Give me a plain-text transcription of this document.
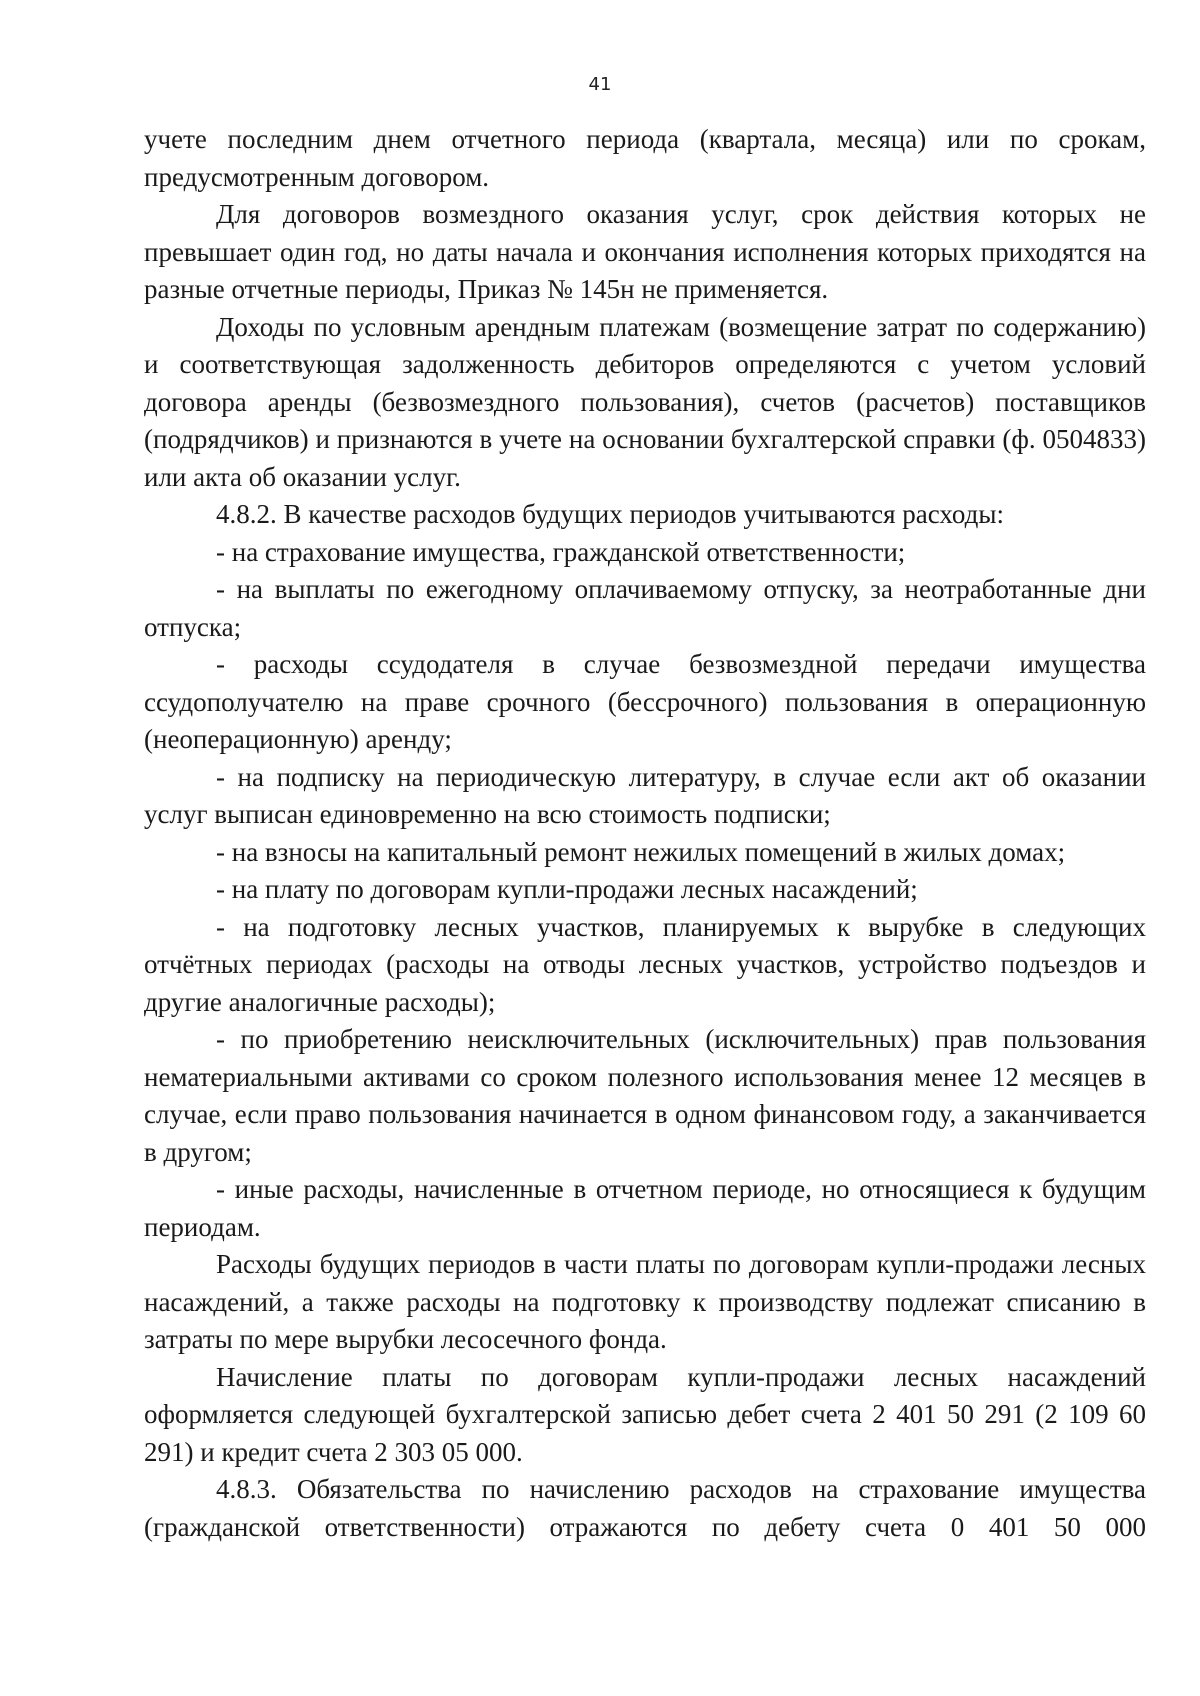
41

учете последним днем отчетного периода (квартала, месяца) или по срокам, предусмотренным договором.

Для договоров возмездного оказания услуг, срок действия которых не превышает один год, но даты начала и окончания исполнения которых приходятся на разные отчетные периоды, Приказ № 145н не применяется.

Доходы по условным арендным платежам (возмещение затрат по содержанию) и соответствующая задолженность дебиторов определяются с учетом условий договора аренды (безвозмездного пользования), счетов (расчетов) поставщиков (подрядчиков) и признаются в учете на основании бухгалтерской справки (ф. 0504833) или акта об оказании услуг.

4.8.2. В качестве расходов будущих периодов учитываются расходы:

- на страхование имущества, гражданской ответственности;

- на выплаты по ежегодному оплачиваемому отпуску, за неотработанные дни отпуска;

- расходы ссудодателя в случае безвозмездной передачи имущества ссудополучателю на праве срочного (бессрочного) пользования в операционную (неоперационную) аренду;

- на подписку на периодическую литературу, в случае если акт об оказании услуг выписан единовременно на всю стоимость подписки;

- на взносы на капитальный ремонт нежилых помещений в жилых домах;

- на плату по договорам купли-продажи лесных насаждений;

- на подготовку лесных участков, планируемых к вырубке в следующих отчётных периодах (расходы на отводы лесных участков, устройство подъездов и другие аналогичные расходы);

- по приобретению неисключительных (исключительных) прав пользования нематериальными активами со сроком полезного использования менее 12 месяцев в случае, если право пользования начинается в одном финансовом году, а заканчивается в другом;

- иные расходы, начисленные в отчетном периоде, но относящиеся к будущим периодам.

Расходы будущих периодов в части платы по договорам купли-продажи лесных насаждений, а также расходы на подготовку к производству подлежат списанию в затраты по мере вырубки лесосечного фонда.

Начисление платы по договорам купли-продажи лесных насаждений оформляется следующей бухгалтерской записью дебет счета 2 401 50 291 (2 109 60 291) и кредит счета 2 303 05 000.

4.8.3. Обязательства по начислению расходов на страхование имущества (гражданской ответственности) отражаются по дебету счета 0 401 50 000
